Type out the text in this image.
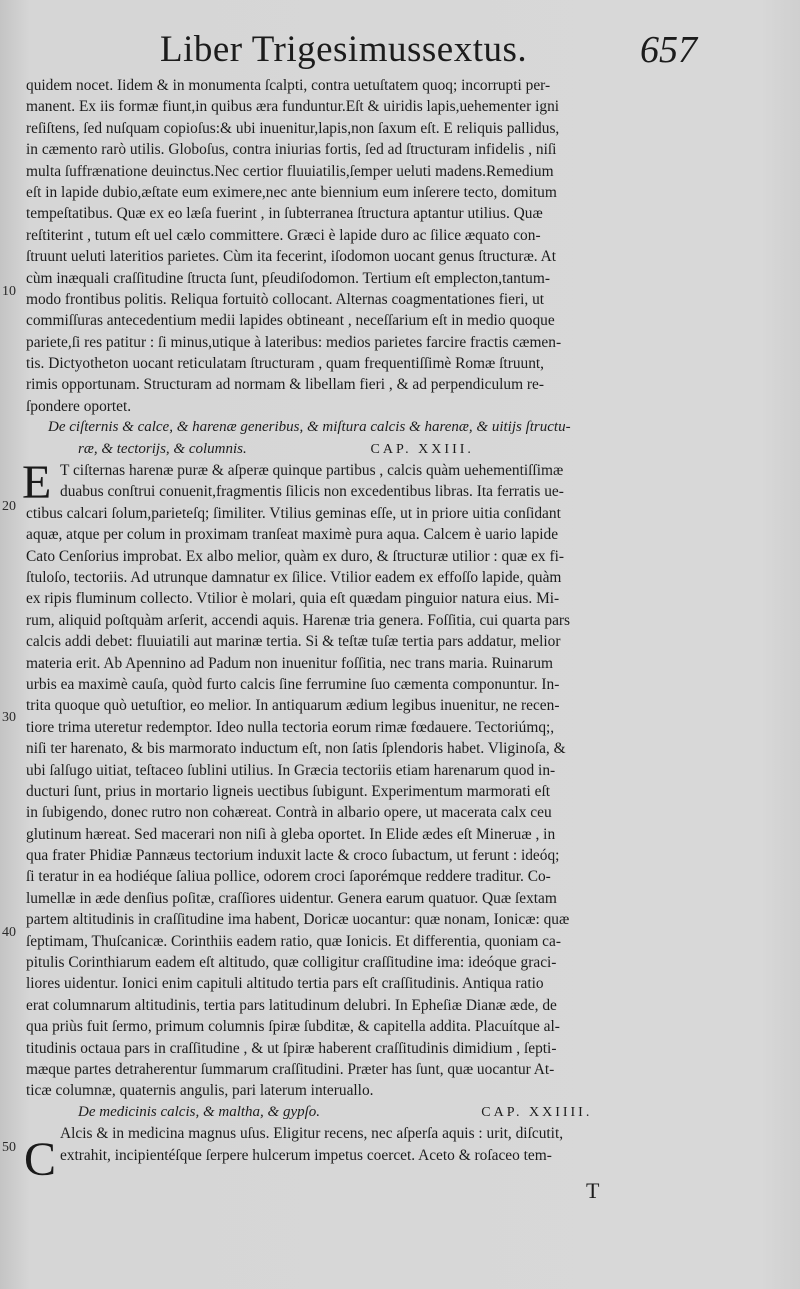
Liber Trigesimussextus.	657
quidem nocet. Iidem & in monumenta ſcalpti, contra uetuſtatem quoq; incorrupti per-
manent. Ex iis formæ fiunt,in quibus æra funduntur.Eſt & uiridis lapis,uehementer igni
reſiſtens, ſed nuſquam copioſus:& ubi inuenitur,lapis,non ſaxum eſt. E reliquis pallidus,
in cæmento rarò utilis. Globoſus, contra iniurias fortis, ſed ad ſtructuram infidelis , niſi
multa ſuffrænatione deuinctus.Nec certior fluuiatilis,ſemper ueluti madens.Remedium
eſt in lapide dubio,æſtate eum eximere,nec ante biennium eum inſerere tecto, domitum
tempeſtatibus. Quæ ex eo læſa fuerint , in ſubterranea ſtructura aptantur utilius. Quæ
reſtiterint , tutum eſt uel cælo committere. Græci è lapide duro ac ſilice æquato con-
ſtruunt ueluti lateritios parietes. Cùm ita fecerint, iſodomon uocant genus ſtructuræ. At
cùm inæquali craſſitudine ſtructa ſunt, pſeudiſodomon. Tertium eſt emplecton,tantum-
modo frontibus politis. Reliqua fortuitò collocant. Alternas coagmentationes fieri, ut
commiſſuras antecedentium medii lapides obtineant , neceſſarium eſt in medio quoque
pariete,ſi res patitur : ſi minus,utique à lateribus: medios parietes farcire fractis cæmen-
tis. Dictyotheton uocant reticulatam ſtructuram , quam frequentiſſimè Romæ ſtruunt,
rimis opportunam. Structuram ad normam & libellam fieri , & ad perpendiculum re-
ſpondere oportet.
De ciſternis & calce, & harenæ generibus, & miſtura calcis & harenæ, & uitijs ſtructu-
ræ, & tectorijs, & columnis.	CAP. XXIII.
T ciſternas harenæ puræ & aſperæ quinque partibus , calcis quàm uehementiſſimæ
duabus conſtrui conuenit,fragmentis ſilicis non excedentibus libras. Ita ferratis ue-
ctibus calcari ſolum,parieteſq; ſimiliter. Vtilius geminas eſſe, ut in priore uitia conſidant
aquæ, atque per colum in proximam tranſeat maximè pura aqua. Calcem è uario lapide
Cato Cenſorius improbat. Ex albo melior, quàm ex duro, & ſtructuræ utilior : quæ ex fi-
ſtuloſo, tectoriis. Ad utrunque damnatur ex ſilice. Vtilior eadem ex effoſſo lapide, quàm
ex ripis fluminum collecto. Vtilior è molari, quia eſt quædam pinguior natura eius. Mi-
rum, aliquid poſtquàm arſerit, accendi aquis. Harenæ tria genera. Foſſitia, cui quarta pars
calcis addi debet: fluuiatili aut marinæ tertia. Si & teſtæ tuſæ tertia pars addatur, melior
materia erit. Ab Apennino ad Padum non inuenitur foſſitia, nec trans maria. Ruinarum
urbis ea maximè cauſa, quòd furto calcis ſine ferrumine ſuo cæmenta componuntur. In-
trita quoque quò uetuſtior, eo melior. In antiquarum ædium legibus inuenitur, ne recen-
tiore trima uteretur redemptor. Ideo nulla tectoria eorum rimæ fœdauere. Tectoriúmq;,
niſi ter harenato, & bis marmorato inductum eſt, non ſatis ſplendoris habet. Vliginoſa, &
ubi ſalſugo uitiat, teſtaceo ſublini utilius. In Græcia tectoriis etiam harenarum quod in-
ducturi ſunt, prius in mortario ligneis uectibus ſubigunt. Experimentum marmorati eſt
in ſubigendo, donec rutro non cohæreat. Contrà in albario opere, ut macerata calx ceu
glutinum hæreat. Sed macerari non niſi à gleba oportet. In Elide ædes eſt Mineruæ , in
qua frater Phidiæ Pannæus tectorium induxit lacte & croco ſubactum, ut ferunt : ideóq;
ſi teratur in ea hodiéque ſaliua pollice, odorem croci ſaporémque reddere traditur. Co-
lumellæ in æde denſius poſitæ, craſſiores uidentur. Genera earum quatuor. Quæ ſextam
partem altitudinis in craſſitudine ima habent, Doricæ uocantur: quæ nonam, Ionicæ: quæ
ſeptimam, Thuſcanicæ. Corinthiis eadem ratio, quæ Ionicis. Et differentia, quoniam ca-
pitulis Corinthiarum eadem eſt altitudo, quæ colligitur craſſitudine ima: ideóque graci-
liores uidentur. Ionici enim capituli altitudo tertia pars eſt craſſitudinis. Antiqua ratio
erat columnarum altitudinis, tertia pars latitudinum delubri. In Epheſiæ Dianæ æde, de
qua priùs fuit ſermo, primum columnis ſpiræ ſubditæ, & capitella addita. Placuítque al-
titudinis octaua pars in craſſitudine , & ut ſpiræ haberent craſſitudinis dimidium , ſepti-
mæque partes detraherentur ſummarum craſſitudini. Præter has ſunt, quæ uocantur At-
ticæ columnæ, quaternis angulis, pari laterum interuallo.
De medicinis calcis, & maltha, & gypſo.	CAP. XXIIII.
Alcis & in medicina magnus uſus. Eligitur recens, nec aſperſa aquis : urit, diſcutit,
extrahit, incipientéſque ſerpere hulcerum impetus coercet. Aceto & roſaceo tem-
E
C
10
20
30
40
50
T
